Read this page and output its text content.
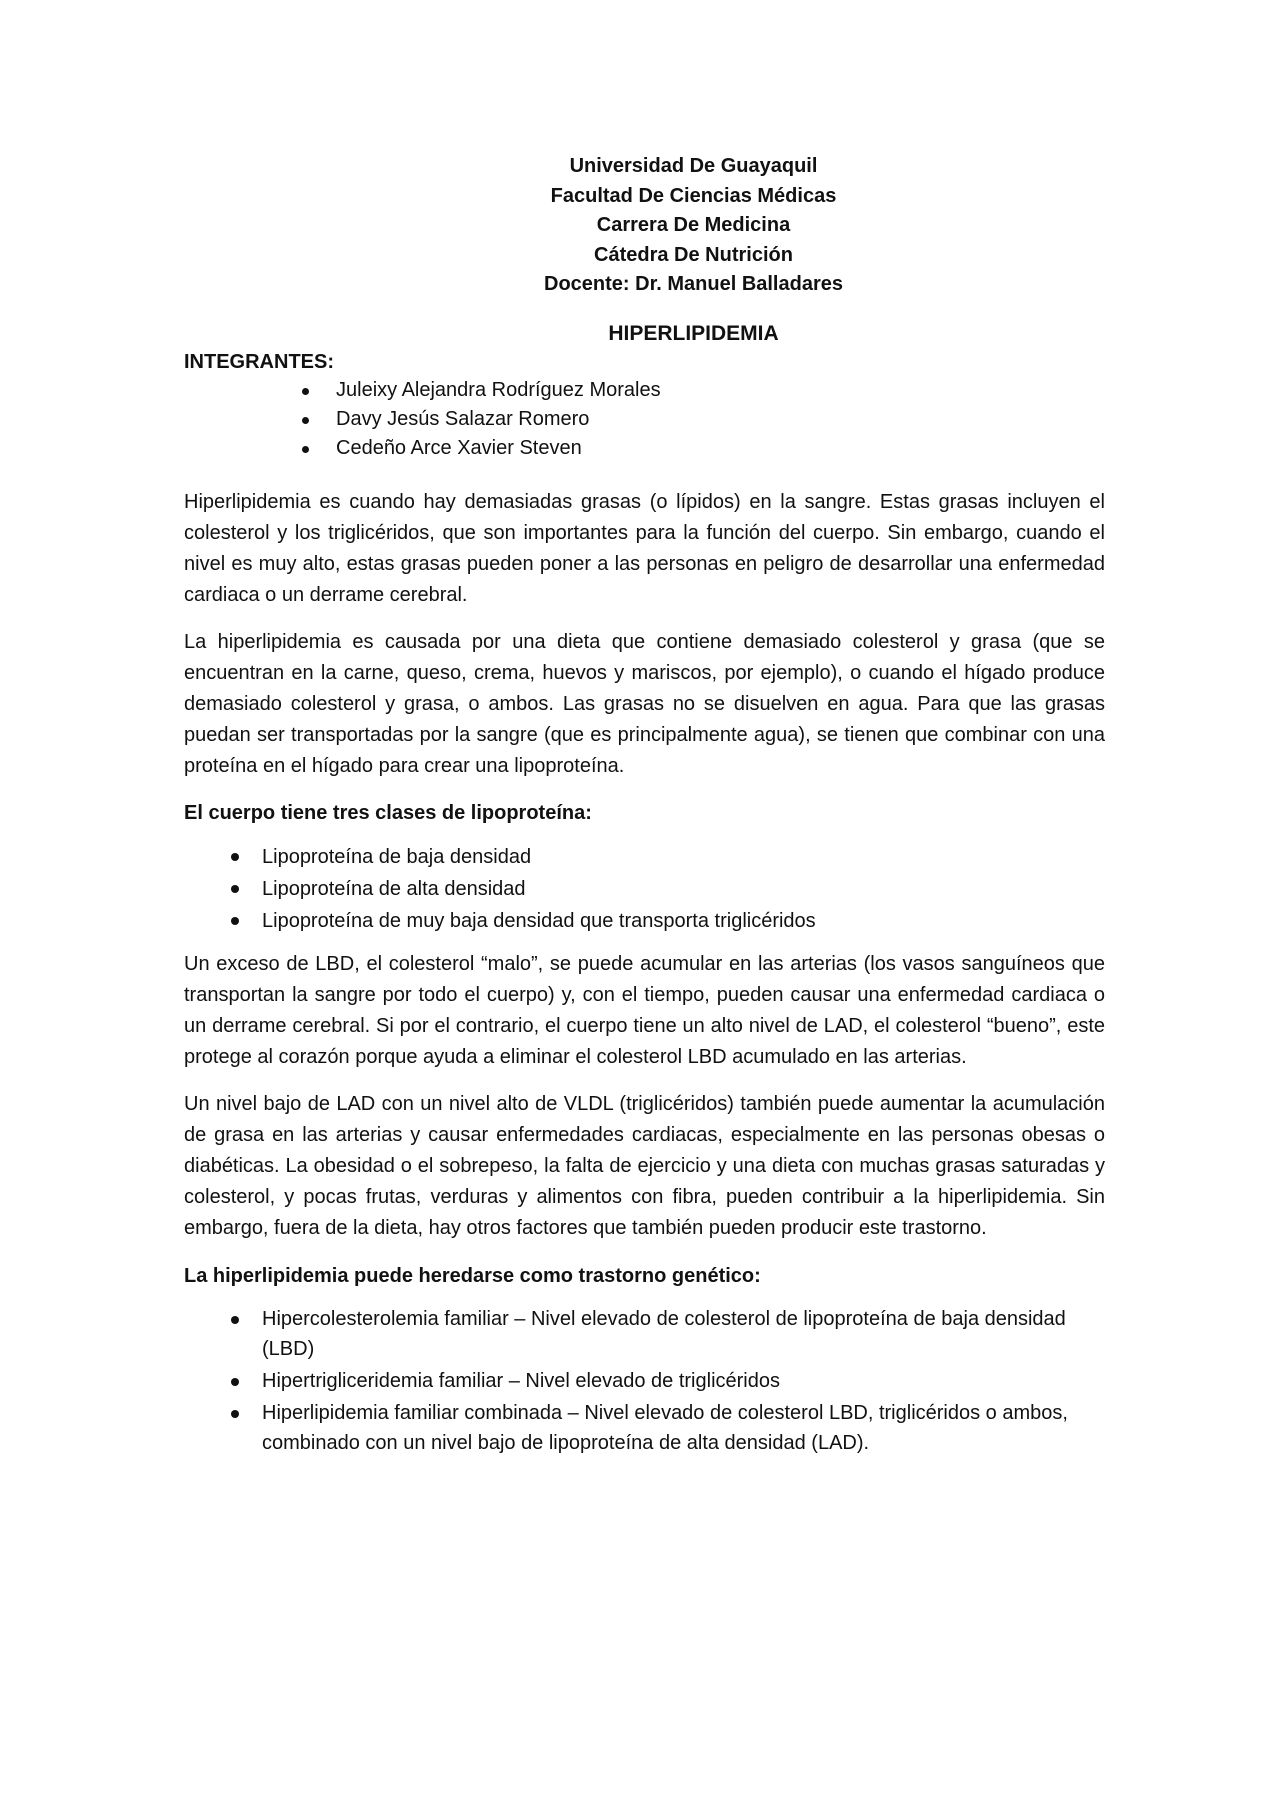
Universidad De Guayaquil
Facultad De Ciencias Médicas
Carrera De Medicina
Cátedra De Nutrición
Docente: Dr. Manuel Balladares
HIPERLIPIDEMIA
INTEGRANTES:
Juleixy Alejandra Rodríguez Morales
Davy Jesús Salazar Romero
Cedeño Arce Xavier Steven

Hiperlipidemia es cuando hay demasiadas grasas (o lípidos) en la sangre. Estas grasas incluyen el colesterol y los triglicéridos, que son importantes para la función del cuerpo. Sin embargo, cuando el nivel es muy alto, estas grasas pueden poner a las personas en peligro de desarrollar una enfermedad cardiaca o un derrame cerebral.

La hiperlipidemia es causada por una dieta que contiene demasiado colesterol y grasa (que se encuentran en la carne, queso, crema, huevos y mariscos, por ejemplo), o cuando el hígado produce demasiado colesterol y grasa, o ambos. Las grasas no se disuelven en agua. Para que las grasas puedan ser transportadas por la sangre (que es principalmente agua), se tienen que combinar con una proteína en el hígado para crear una lipoproteína.

El cuerpo tiene tres clases de lipoproteína:
Lipoproteína de baja densidad
Lipoproteína de alta densidad
Lipoproteína de muy baja densidad que transporta triglicéridos

Un exceso de LBD, el colesterol “malo”, se puede acumular en las arterias (los vasos sanguíneos que transportan la sangre por todo el cuerpo) y, con el tiempo, pueden causar una enfermedad cardiaca o un derrame cerebral. Si por el contrario, el cuerpo tiene un alto nivel de LAD, el colesterol “bueno”, este protege al corazón porque ayuda a eliminar el colesterol LBD acumulado en las arterias.

Un nivel bajo de LAD con un nivel alto de VLDL (triglicéridos) también puede aumentar la acumulación de grasa en las arterias y causar enfermedades cardiacas, especialmente en las personas obesas o diabéticas. La obesidad o el sobrepeso, la falta de ejercicio y una dieta con muchas grasas saturadas y colesterol, y pocas frutas, verduras y alimentos con fibra, pueden contribuir a la hiperlipidemia. Sin embargo, fuera de la dieta, hay otros factores que también pueden producir este trastorno.

La hiperlipidemia puede heredarse como trastorno genético:
Hipercolesterolemia familiar – Nivel elevado de colesterol de lipoproteína de baja densidad (LBD)
Hipertrigliceridemia familiar – Nivel elevado de triglicéridos
Hiperlipidemia familiar combinada – Nivel elevado de colesterol LBD, triglicéridos o ambos, combinado con un nivel bajo de lipoproteína de alta densidad (LAD).
